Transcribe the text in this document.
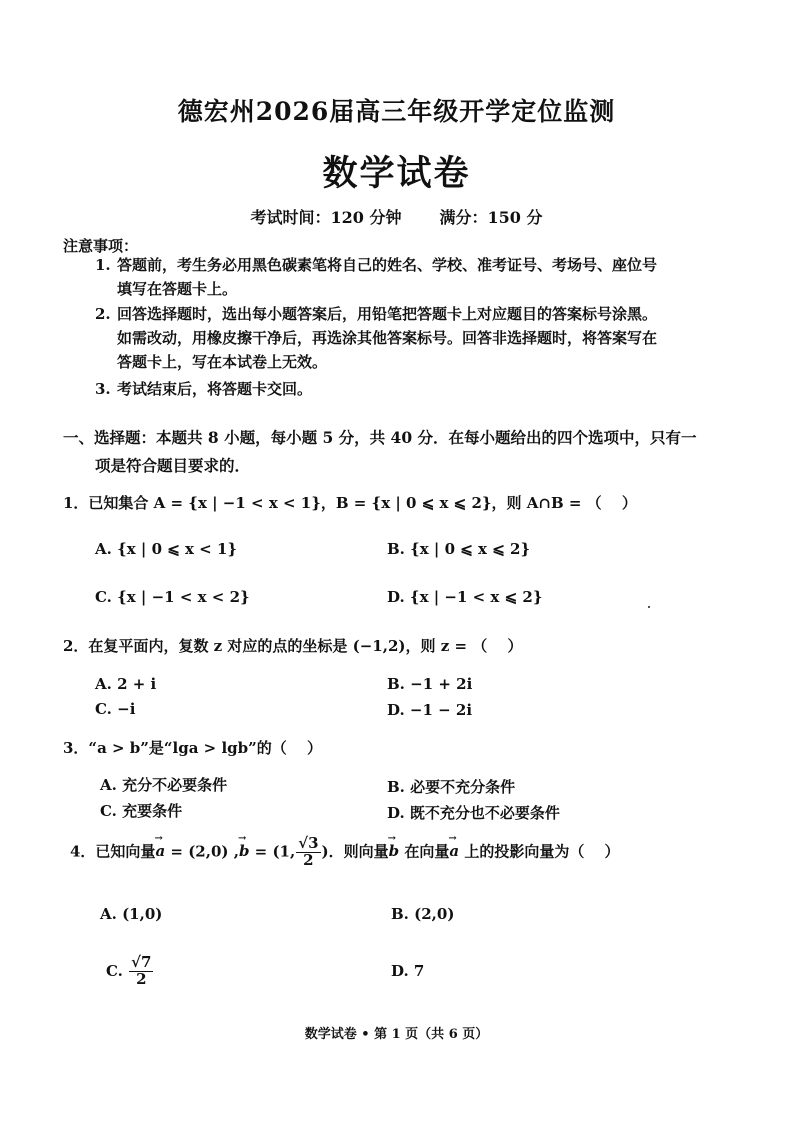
德宏州2026届高三年级开学定位监测
数学试卷
考试时间：120 分钟 满分：150 分
注意事项：
1. 答题前，考生务必用黑色碳素笔将自己的姓名、学校、准考证号、考场号、座位号
填写在答题卡上。
2. 回答选择题时，选出每小题答案后，用铅笔把答题卡上对应题目的答案标号涂黑。
如需改动，用橡皮擦干净后，再选涂其他答案标号。回答非选择题时，将答案写在
答题卡上，写在本试卷上无效。
3. 考试结束后，将答题卡交回。
一、选择题：本题共 8 小题，每小题 5 分，共 40 分．在每小题给出的四个选项中，只有一
项是符合题目要求的．
1．已知集合 A = {x | −1 < x < 1}，B = {x | 0 ⩽ x ⩽ 2}，则 A∩B = （　 ）
A. {x | 0 ⩽ x < 1}	B. {x | 0 ⩽ x ⩽ 2}
C. {x | −1 < x < 2}	D. {x | −1 < x ⩽ 2}
2．在复平面内，复数 z 对应的点的坐标是 (−1,2)，则 z = （　 ）
A. 2 + i	B. −1 + 2i
C. −i	D. −1 − 2i
3．“a > b”是“lga > lgb”的（　 ）
A. 充分不必要条件	B. 必要不充分条件
C. 充要条件	D. 既不充分也不必要条件
4．已知向量→ a = (2,0) ,→ b = (1, $\frac{√3}{2}$ )．则向量→ b 在向量→ a 上的投影向量为（　 ）
A. (1,0)	B. (2,0)
C. $\frac{√7}{2}$	D. 7
数学试卷 • 第 1 页（共 6 页）
